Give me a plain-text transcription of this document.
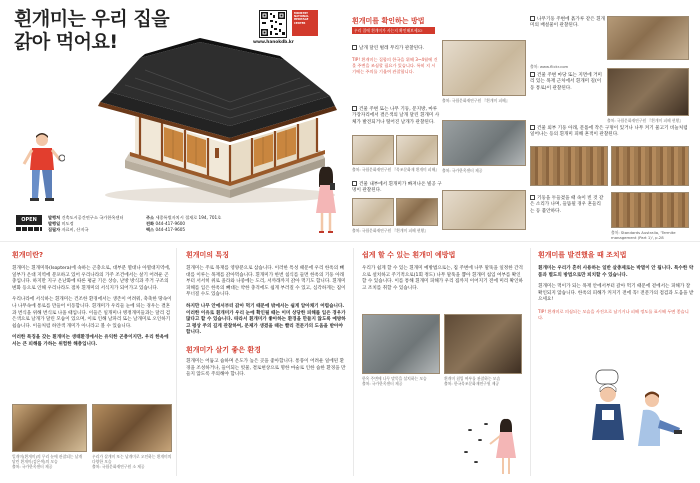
흰개미는 우리 집을
갉아 먹어요!	www.hanokdb.kr
MINISTRY
NATIONAL
HERITAGE
CENTER
OPEN	발행처 건축도시공간연구소 국가한옥센터
발행일 미도정
집필자 자료비, 산지국
주소 세종특별자치시 절재로 194, 701호
전화 044-417-9600
팩스 044-417-9605
흰개미를 확인하는 방법
우리 집에 흰개미가 사는지 확인해보세요!
날개 달린 벌레 무리가 관찰된다.
TIP! 흰개미는 집합의 한국을 위해 3~4월에 건물 주변을 조심할 필요가 있습니다. 특히 지 시기에는 주의를 기울여 관찰합니다.
출처: 국립문화재연구원 『흰개미 피해』
건물 주변 또는 나무 기둥, 문지방, 마루 가장자리에서 결은색의 날개 달린 흰개미 사체가 발견되거나 떨어진 날개가 관찰된다.
출처: 국립문화재연구원 『목조문화재 흰개미 피해』 출처: 국가한옥센터 제공
건물 내부에서 흰개미가 빠져나온 빌공 구멍이 관찰된다.
출처: 국립문화재연구원 『흰개미 피해 현황』
나무기둥 주변에 흙가루 같은 흰개미의 배설물이 관찰된다.
출처: www.flickr.com
건물 주변 마당 또는 지면에 거미리 있는 목재 근처에서 흰개미 길(이동 통로)이 관찰된다.
출처: 국립문화재연구원 『흰개미 피해 현황』
건물 외부 기둥 아래, 문틀에 작은 구멍이 있거나 나무 켜기 물고기 비늘처럼 일어나는 등의 흰개미 피해 흔적이 관찰된다.
기둥을 두들겼을 때 속이 빈 것 같은 소리가 나며, 들뜸될 경우 흔들리는 등 불안하다.
출처: Standards Australia, 'Termite management (Part 1)', p.28
흰개미란?
흰개미는 흰개미목(Isoptera)에 속하는 곤충으로, 대부분 열대나 아열대지역에, 일부가 온대 지역에 분포하고 있어 우리나라의 가주 조건에서는 살기 어려운 곤충입니다. 하지만 지구 온난화에 따른 평균 기온 상승, 난방 방식과 주거 구조의 변화 등으로 인해 우리나라도 점차 흰개미의 서식지가 되어가고 있습니다.
우리나라에 서식하는 흰개미는 건조한 환경에서는 생존이 어려워, 축축한 땅속이나 나무속에 통로를 만들어 이동합니다. 흰개미가 우리들 눈에 띄는 경우는 결혼과 번식을 위해 번식로 나올 때입니다. 이들은 일개미나 병정개미들과는 달리 검은색으로 날개가 달린 모습이 있으며, 이로 인해 날파리 또는 날개미로 오인하기 쉽습니다. 이들처럼 하얀색 개미가 아니라고 볼 수 있습니다.
이러한 특징을 갖는 흰개미는 생태환경에서는 유익한 곤충이지만, 우리 한옥에서는 큰 피해를 가하는 위험한 해충입니다.
일개미(흰개미)의 무리 눈에 관찰되는 날개 달린 흰개미(검은색)의 모습
출처: 국가한옥센터 제공
우리가 살개미 또는 날개미로 오인하는 흰개미의 다양한 모습
출처: 국립문화재연구원 소 제공
흰개미의 특징
흰개미는 주로 목재를 영양분으로 삼습니다. 이러한 특성 때문에 우리 한옥의 빼대를 이루는 목재를 갉아먹습니다. 흰개미가 한번 침식를 들면 한옥의 기둥 아래부터 서서히 위로 올라와 나중에는 도리, 서까래까지 갉아 먹기도 합니다. 흰개미 피해를 입은 한옥의 빼대는 약한 충격에도 쉽게 부러질 수 있고, 심각하게는 집이 무너질 수도 있습니다.
하지만 나무 안에서부터 갉아 먹기 때문에 밖에서는 쉽게 알아채기 어렵습니다. 이러한 이유로 흰개미가 우리 눈에 확인될 때는 이미 상당한 피해를 입은 경우가 많다고 할 수 있습니다. 따라서 흰개미가 좋아하는 환경을 만들지 않도록 예방하고 평상 주의 깊게 관찰하여, 문제가 생겼을 때는 빨리 전문가의 도움을 받아야 합니다.
흰개미가 살기 좋은 환경
흰개미는 어둡고 습하며 온도가 높은 곳을 좋아합니다. 통풍이 어려운 일에된 환경을 조성하거나, 들이되는 빗물, 결로현상으로 명한 마술로 인한 습한 환경을 만들지 않도록 주의해야 합니다.
쉽게 할 수 있는 흰개미 예방법
우리가 쉽게 할 수 있는 흰개미 예방법으로는, 집 주변에 나무 말뚝을 일정한 간격으로 설치하고 주기적으로(1회 정도) 나무 말뚝을 뽑아 흰개미 침입 여부를 확인할 수 있습니다. 이를 통해 흰개미 피해가 우리 집까지 이어지기 전에 미리 확인하고 조치를 취할 수 있습니다.
한옥 주변에 나무 말뚝을 설치하는 모습
출처: 국가한옥센터 제공
흰개미 침입 여부를 관찰하는 모습
출처: 한국목조문화재연구원 제공
흰개미를 발견했을 때 조치법
흰개미는 우리가 흔히 사용하는 일반 살충제로는 박멸이 안 됩니다. 특수한 약품과 별도의 방법으로만 퇴치할 수 있습니다.
흰개미는 먹이가 되는 목재 안에서부터 갉아 먹기 때문에 겉에서는 피해가 잘 확인되지 않습니다. 한옥의 피해가 커지기 전에 꼭! 전문가의 점검과 도움을 받으세요!
TIP! 흰개미로 의심되는 모습을 사진으로 남기거나 피해 정도를 표시해 두면 좋습니다.
